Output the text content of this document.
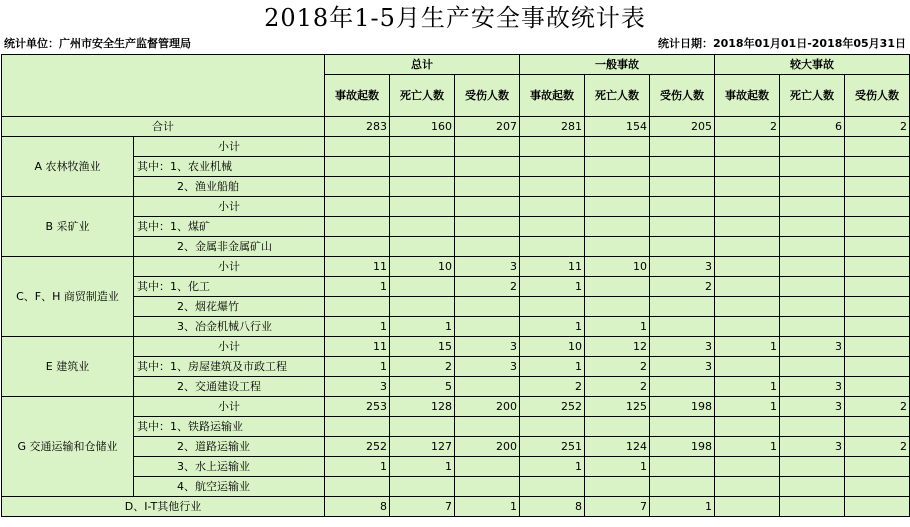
2018年1-5月生产安全事故统计表
统计单位：广州市安全生产监督管理局	统计日期：2018年01月01日-2018年05月31日
		总计			一般事故			较大事故		
		事故起数	死亡人数	受伤人数	事故起数	死亡人数	受伤人数	事故起数	死亡人数	受伤人数
合计		283	160	207	281	154	205	2	6	2
A 农林牧渔业	小计									
	其中：1、农业机械									
	2、渔业船舶									
B 采矿业	小计									
	其中：1、煤矿									
	2、金属非金属矿山									
C、F、H 商贸制造业	小计	11	10	3	11	10	3			
	其中：1、化工	1		2	1		2			
	2、烟花爆竹									
	3、冶金机械八行业	1	1		1	1				
E 建筑业	小计	11	15	3	10	12	3	1	3	
	其中：1、房屋建筑及市政工程	1	2	3	1	2	3			
	2、交通建设工程	3	5		2	2		1	3	
G 交通运输和仓储业	小计	253	128	200	252	125	198	1	3	2
	其中：1、铁路运输业									
	2、道路运输业	252	127	200	251	124	198	1	3	2
	3、水上运输业	1	1		1	1				
	4、航空运输业									
D、I-T其他行业		8	7	1	8	7	1			
